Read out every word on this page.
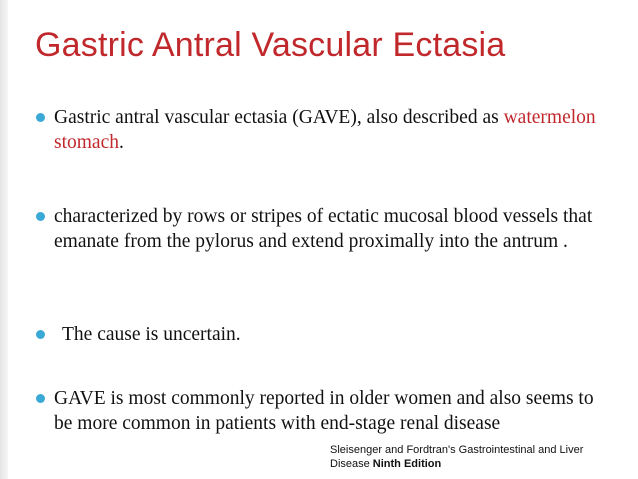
Gastric Antral Vascular Ectasia
Gastric antral vascular ectasia (GAVE), also described as watermelon stomach.
characterized by rows or stripes of ectatic mucosal blood vessels that emanate from the pylorus and extend proximally into the antrum .
The cause is uncertain.
GAVE is most commonly reported in older women and also seems to be more common in patients with end-stage renal disease
Sleisenger and Fordtran's Gastrointestinal and Liver
Disease Ninth Edition
